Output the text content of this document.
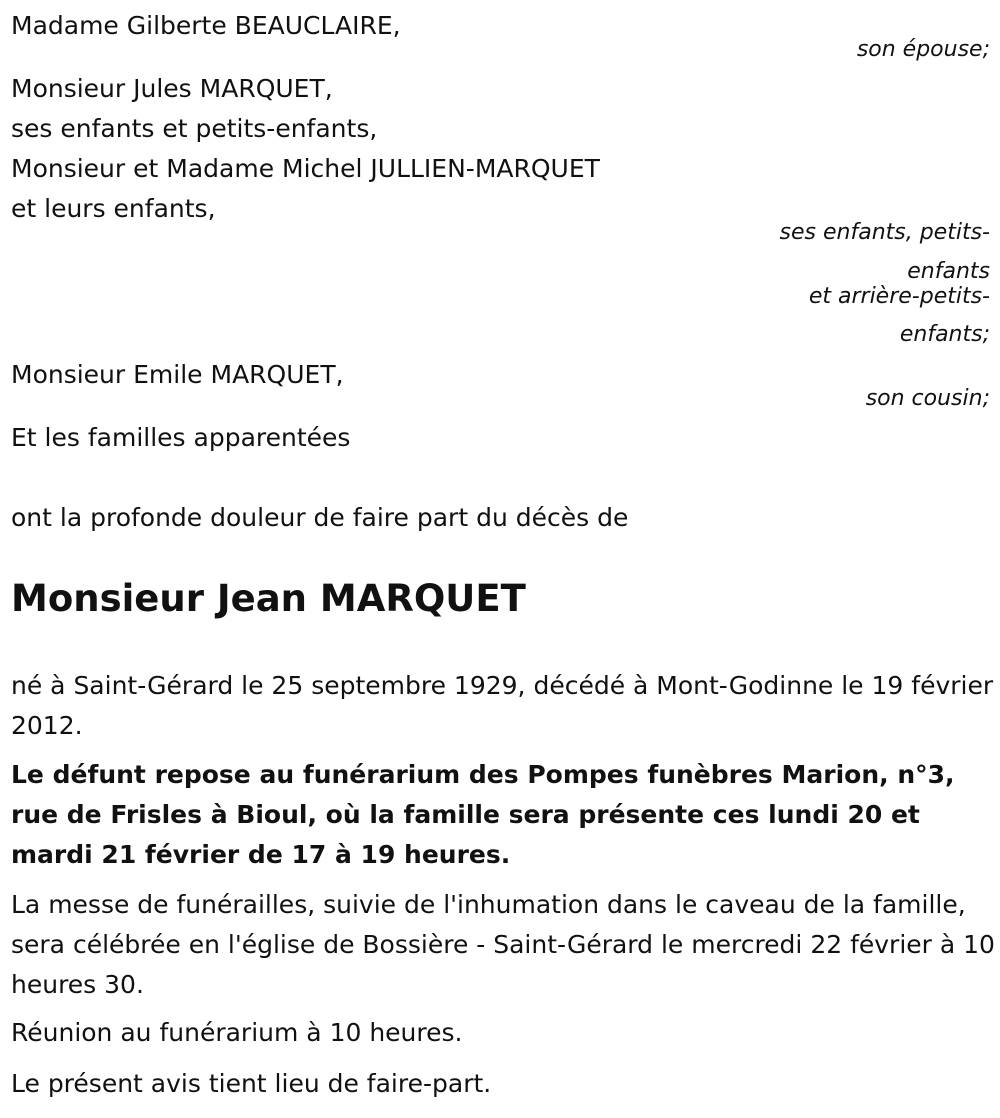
Madame Gilberte BEAUCLAIRE,
son épouse;
Monsieur Jules MARQUET,
ses enfants et petits-enfants,
Monsieur et Madame Michel JULLIEN-MARQUET
et leurs enfants,
ses enfants, petits-
enfants
et arrière-petits-
enfants;
Monsieur Emile MARQUET,
son cousin;
Et les familles apparentées
ont la profonde douleur de faire part du décès de
Monsieur Jean MARQUET
né à Saint-Gérard le 25 septembre 1929, décédé à Mont-Godinne le 19 février 2012.
Le défunt repose au funérarium des Pompes funèbres Marion, n°3, rue de Frisles à Bioul, où la famille sera présente ces lundi 20 et mardi 21 février de 17 à 19 heures.
La messe de funérailles, suivie de l'inhumation dans le caveau de la famille, sera célébrée en l'église de Bossière - Saint-Gérard le mercredi 22 février à 10 heures 30.
Réunion au funérarium à 10 heures.
Le présent avis tient lieu de faire-part.
